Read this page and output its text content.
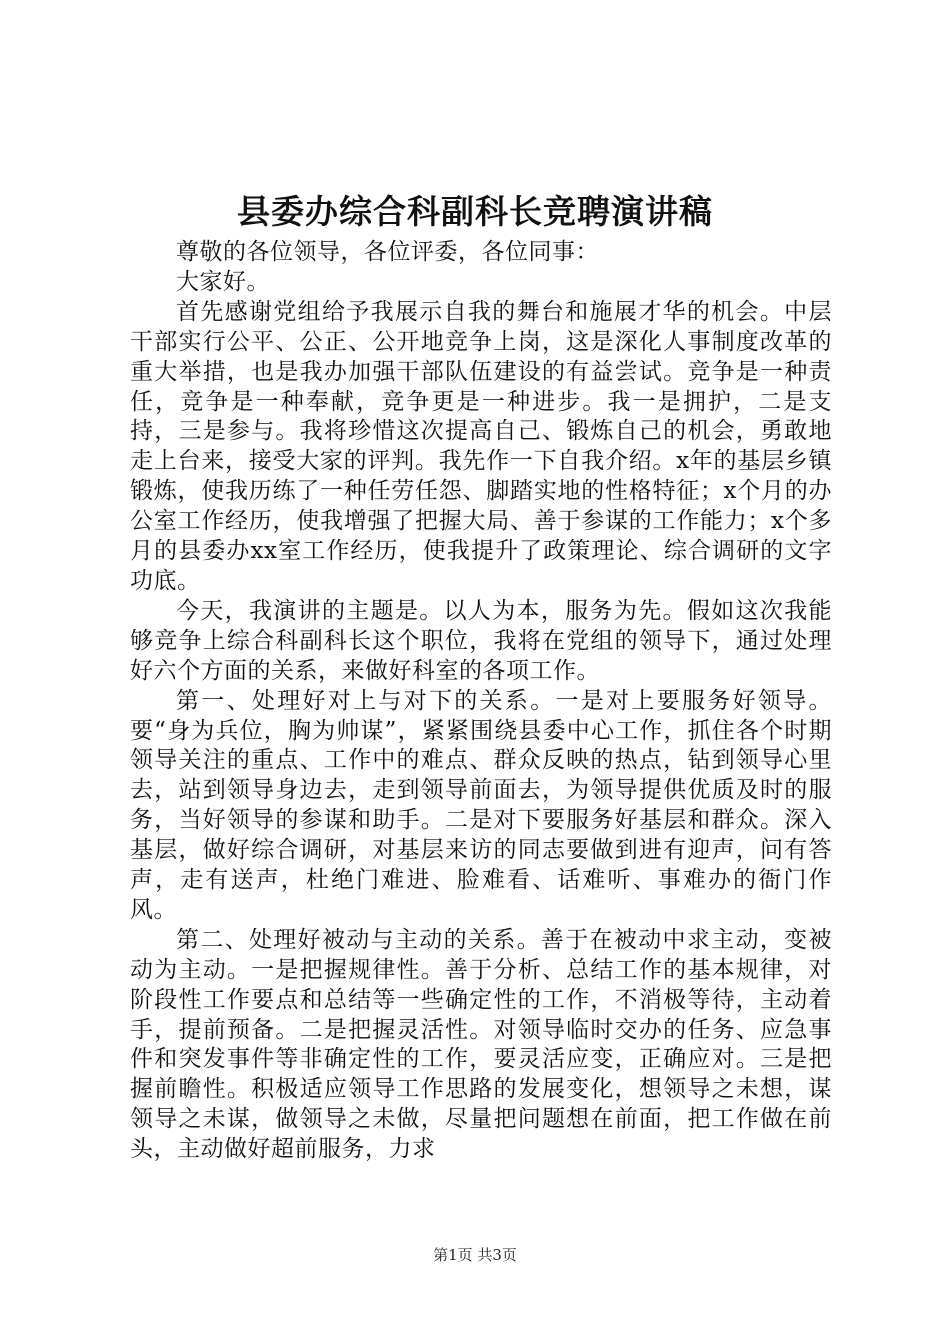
县委办综合科副科长竞聘演讲稿

尊敬的各位领导，各位评委，各位同事：

大家好。

首先感谢党组给予我展示自我的舞台和施展才华的机会。中层干部实行公平、公正、公开地竞争上岗，这是深化人事制度改革的重大举措，也是我办加强干部队伍建设的有益尝试。竞争是一种责任，竞争是一种奉献，竞争更是一种进步。我一是拥护，二是支持，三是参与。我将珍惜这次提高自己、锻炼自己的机会，勇敢地走上台来，接受大家的评判。我先作一下自我介绍。x年的基层乡镇锻炼，使我历练了一种任劳任怨、脚踏实地的性格特征；x个月的办公室工作经历，使我增强了把握大局、善于参谋的工作能力；x个多月的县委办xx室工作经历，使我提升了政策理论、综合调研的文字功底。

今天，我演讲的主题是。以人为本，服务为先。假如这次我能够竞争上综合科副科长这个职位，我将在党组的领导下，通过处理好六个方面的关系，来做好科室的各项工作。

第一、处理好对上与对下的关系。一是对上要服务好领导。要“身为兵位，胸为帅谋”，紧紧围绕县委中心工作，抓住各个时期领导关注的重点、工作中的难点、群众反映的热点，钻到领导心里去，站到领导身边去，走到领导前面去，为领导提供优质及时的服务，当好领导的参谋和助手。二是对下要服务好基层和群众。深入基层，做好综合调研，对基层来访的同志要做到进有迎声，问有答声，走有送声，杜绝门难进、脸难看、话难听、事难办的衙门作风。

第二、处理好被动与主动的关系。善于在被动中求主动，变被动为主动。一是把握规律性。善于分析、总结工作的基本规律，对阶段性工作要点和总结等一些确定性的工作，不消极等待，主动着手，提前预备。二是把握灵活性。对领导临时交办的任务、应急事件和突发事件等非确定性的工作，要灵活应变，正确应对。三是把握前瞻性。积极适应领导工作思路的发展变化，想领导之未想，谋领导之未谋，做领导之未做，尽量把问题想在前面，把工作做在前头，主动做好超前服务，力求

第1页 共3页
